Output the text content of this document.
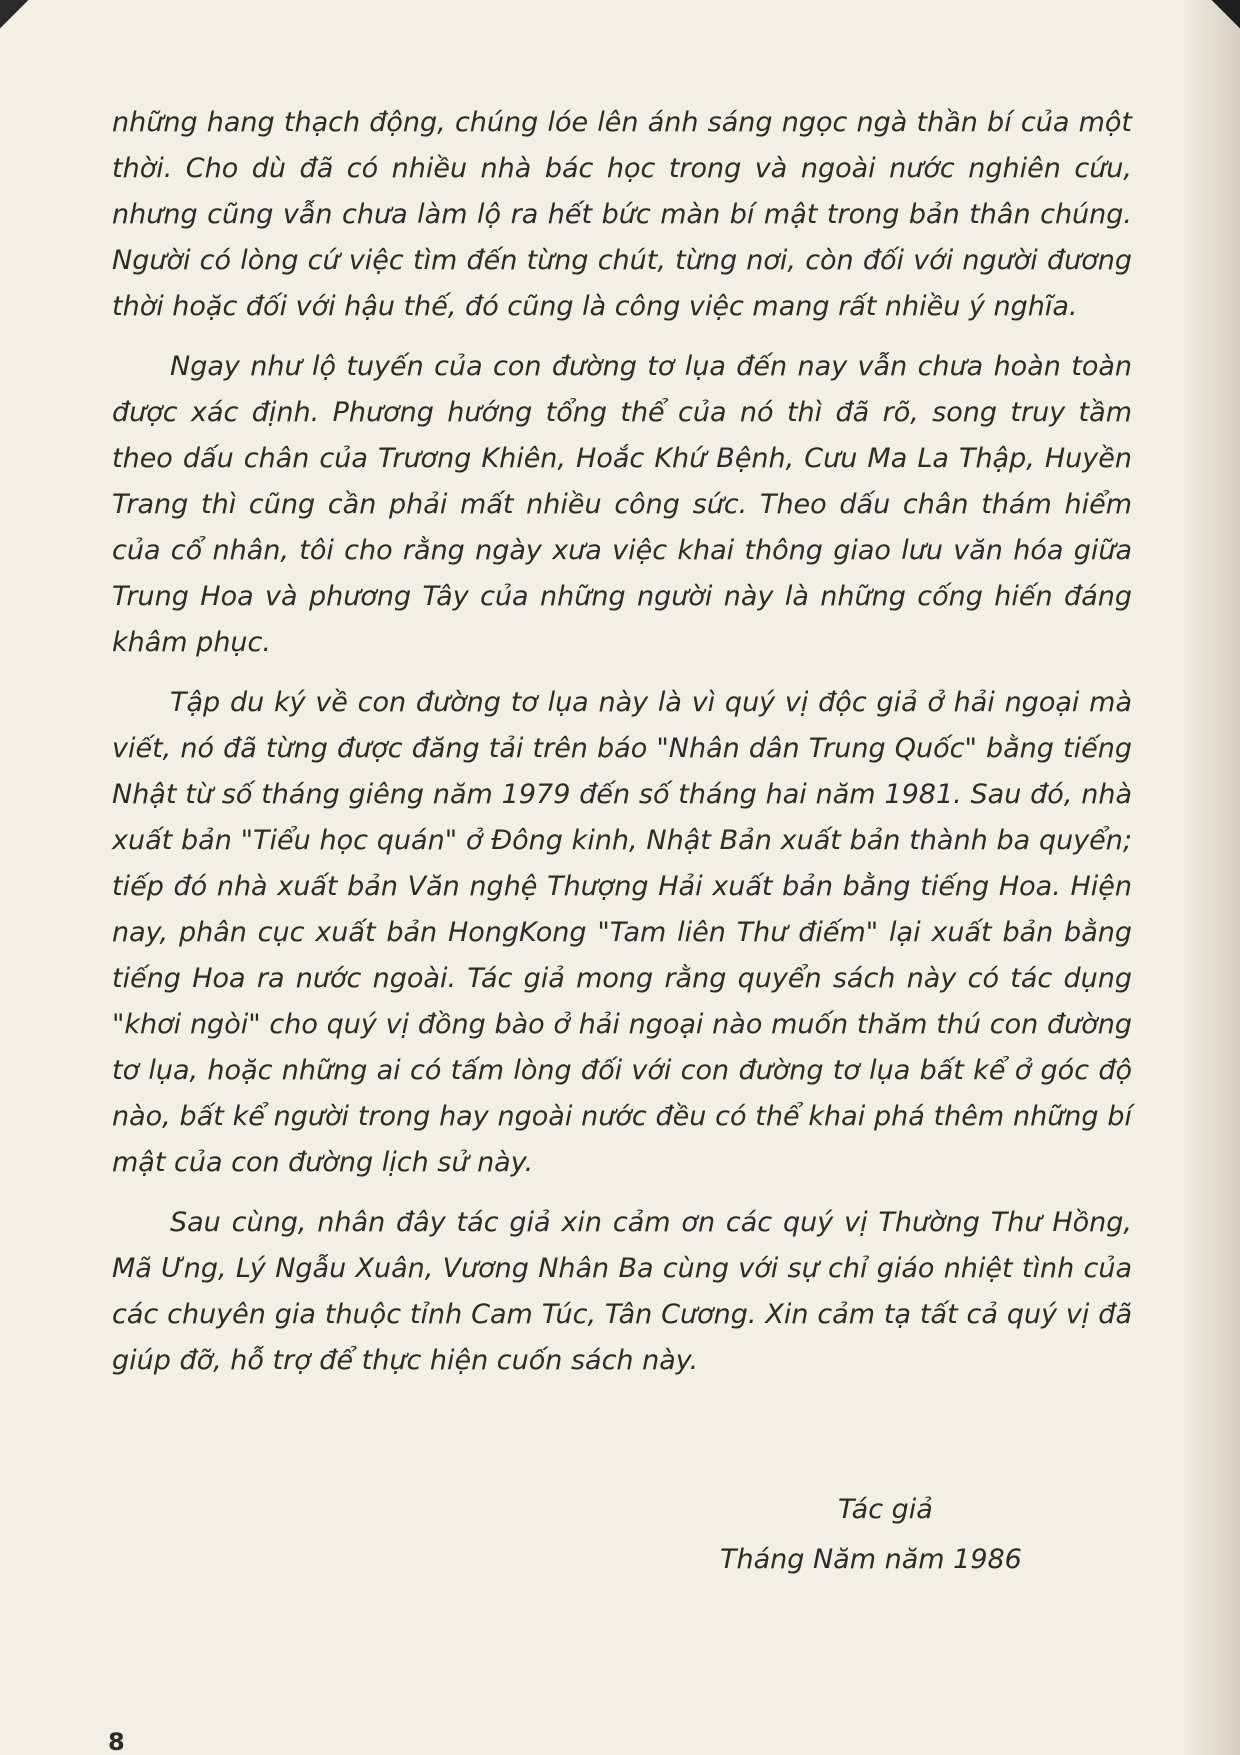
những hang thạch động, chúng lóe lên ánh sáng ngọc ngà thần bí của một thời. Cho dù đã có nhiều nhà bác học trong và ngoài nước nghiên cứu, nhưng cũng vẫn chưa làm lộ ra hết bức màn bí mật trong bản thân chúng. Người có lòng cứ việc tìm đến từng chút, từng nơi, còn đối với người đương thời hoặc đối với hậu thế, đó cũng là công việc mang rất nhiều ý nghĩa.

Ngay như lộ tuyến của con đường tơ lụa đến nay vẫn chưa hoàn toàn được xác định. Phương hướng tổng thể của nó thì đã rõ, song truy tầm theo dấu chân của Trương Khiên, Hoắc Khứ Bệnh, Cưu Ma La Thập, Huyền Trang thì cũng cần phải mất nhiều công sức. Theo dấu chân thám hiểm của cổ nhân, tôi cho rằng ngày xưa việc khai thông giao lưu văn hóa giữa Trung Hoa và phương Tây của những người này là những cống hiến đáng khâm phục.

Tập du ký về con đường tơ lụa này là vì quý vị độc giả ở hải ngoại mà viết, nó đã từng được đăng tải trên báo "Nhân dân Trung Quốc" bằng tiếng Nhật từ số tháng giêng năm 1979 đến số tháng hai năm 1981. Sau đó, nhà xuất bản "Tiểu học quán" ở Đông kinh, Nhật Bản xuất bản thành ba quyển; tiếp đó nhà xuất bản Văn nghệ Thượng Hải xuất bản bằng tiếng Hoa. Hiện nay, phân cục xuất bản HongKong "Tam liên Thư điếm" lại xuất bản bằng tiếng Hoa ra nước ngoài. Tác giả mong rằng quyển sách này có tác dụng "khơi ngòi" cho quý vị đồng bào ở hải ngoại nào muốn thăm thú con đường tơ lụa, hoặc những ai có tấm lòng đối với con đường tơ lụa bất kể ở góc độ nào, bất kể người trong hay ngoài nước đều có thể khai phá thêm những bí mật của con đường lịch sử này.

Sau cùng, nhân đây tác giả xin cảm ơn các quý vị Thường Thư Hồng, Mã Ưng, Lý Ngẫu Xuân, Vương Nhân Ba cùng với sự chỉ giáo nhiệt tình của các chuyên gia thuộc tỉnh Cam Túc, Tân Cương. Xin cảm tạ tất cả quý vị đã giúp đỡ, hỗ trợ để thực hiện cuốn sách này.

Tác giả
Tháng Năm năm 1986
8
